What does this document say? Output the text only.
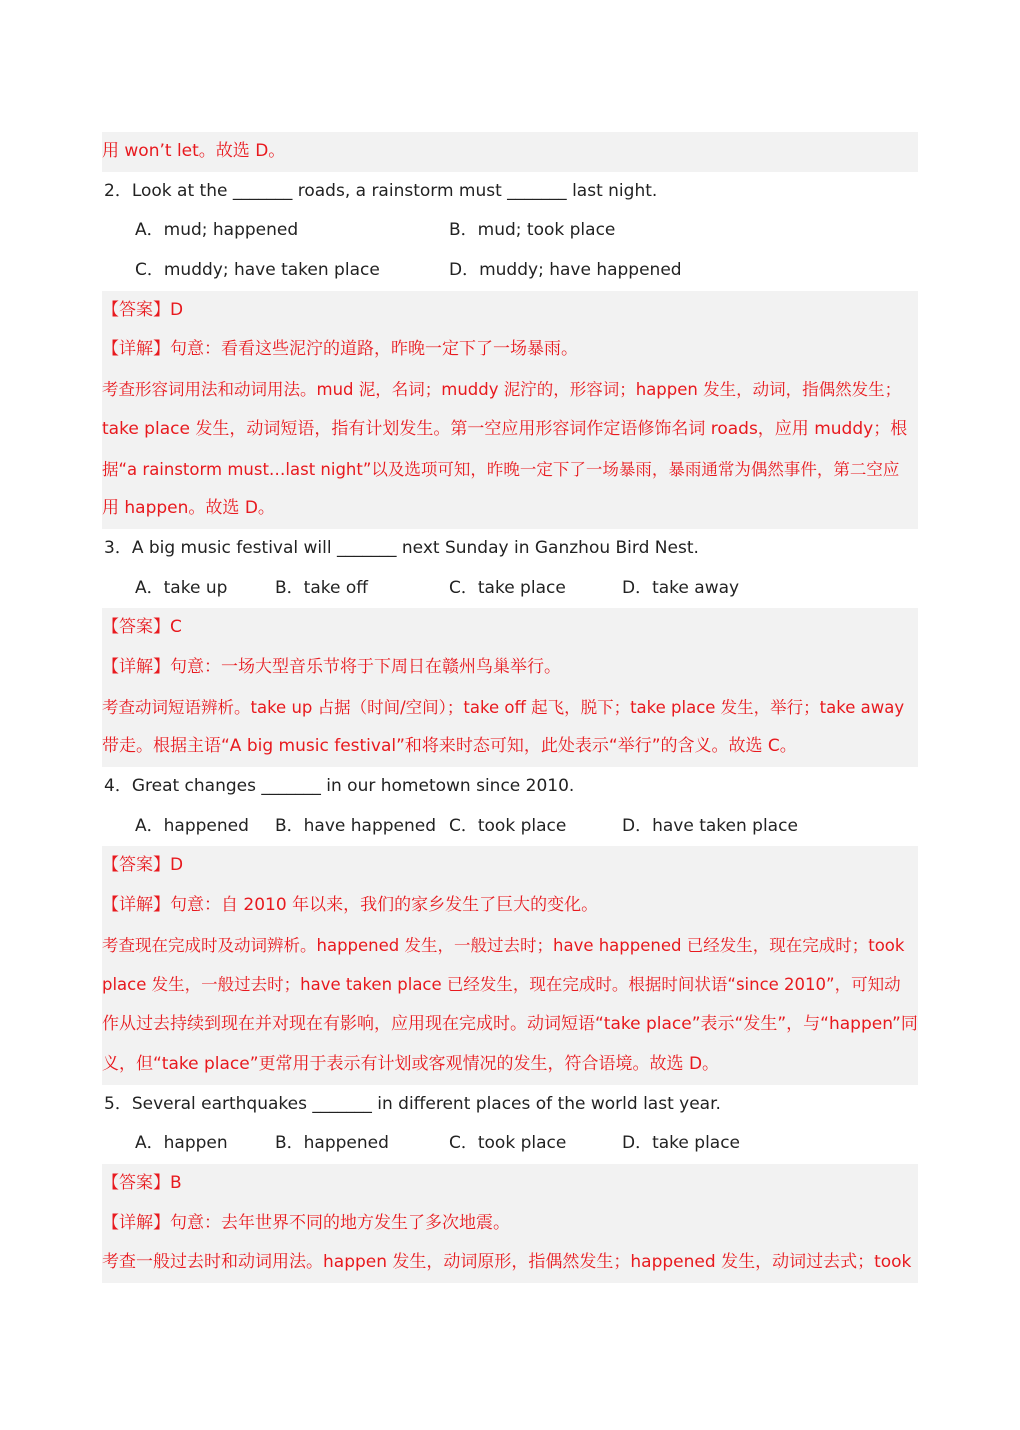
用 won’t let。故选 D。
2．Look at the _______ roads, a rainstorm must _______ last night.
A．mud; happened	B．mud; took place
C．muddy; have taken place	D．muddy; have happened
【答案】D
【详解】句意：看看这些泥泞的道路，昨晚一定下了一场暴雨。
考查形容词用法和动词用法。mud 泥，名词；muddy 泥泞的，形容词；happen 发生，动词，指偶然发生；
take place 发生，动词短语，指有计划发生。第一空应用形容词作定语修饰名词 roads，应用 muddy；根
据“a rainstorm must…last night”以及选项可知，昨晚一定下了一场暴雨，暴雨通常为偶然事件，第二空应
用 happen。故选 D。
3．A big music festival will _______ next Sunday in Ganzhou Bird Nest.
A．take up	B．take off	C．take place	D．take away
【答案】C
【详解】句意：一场大型音乐节将于下周日在赣州鸟巢举行。
考查动词短语辨析。take up 占据（时间/空间）；take off 起飞，脱下；take place 发生，举行；take away
带走。根据主语“A big music festival”和将来时态可知，此处表示“举行”的含义。故选 C。
4．Great changes _______ in our hometown since 2010.
A．happened B．have happened C．took place	D．have taken place
【答案】D
【详解】句意：自 2010 年以来，我们的家乡发生了巨大的变化。
考查现在完成时及动词辨析。happened 发生，一般过去时；have happened 已经发生，现在完成时；took
place 发生，一般过去时；have taken place 已经发生，现在完成时。根据时间状语“since 2010”，可知动
作从过去持续到现在并对现在有影响，应用现在完成时。动词短语“take place”表示“发生”，与“happen”同
义，但“take place”更常用于表示有计划或客观情况的发生，符合语境。故选 D。
5．Several earthquakes _______ in different places of the world last year.
A．happen	B．happened	C．took place	D．take place
【答案】B
【详解】句意：去年世界不同的地方发生了多次地震。
考查一般过去时和动词用法。happen 发生，动词原形，指偶然发生；happened 发生，动词过去式；took
